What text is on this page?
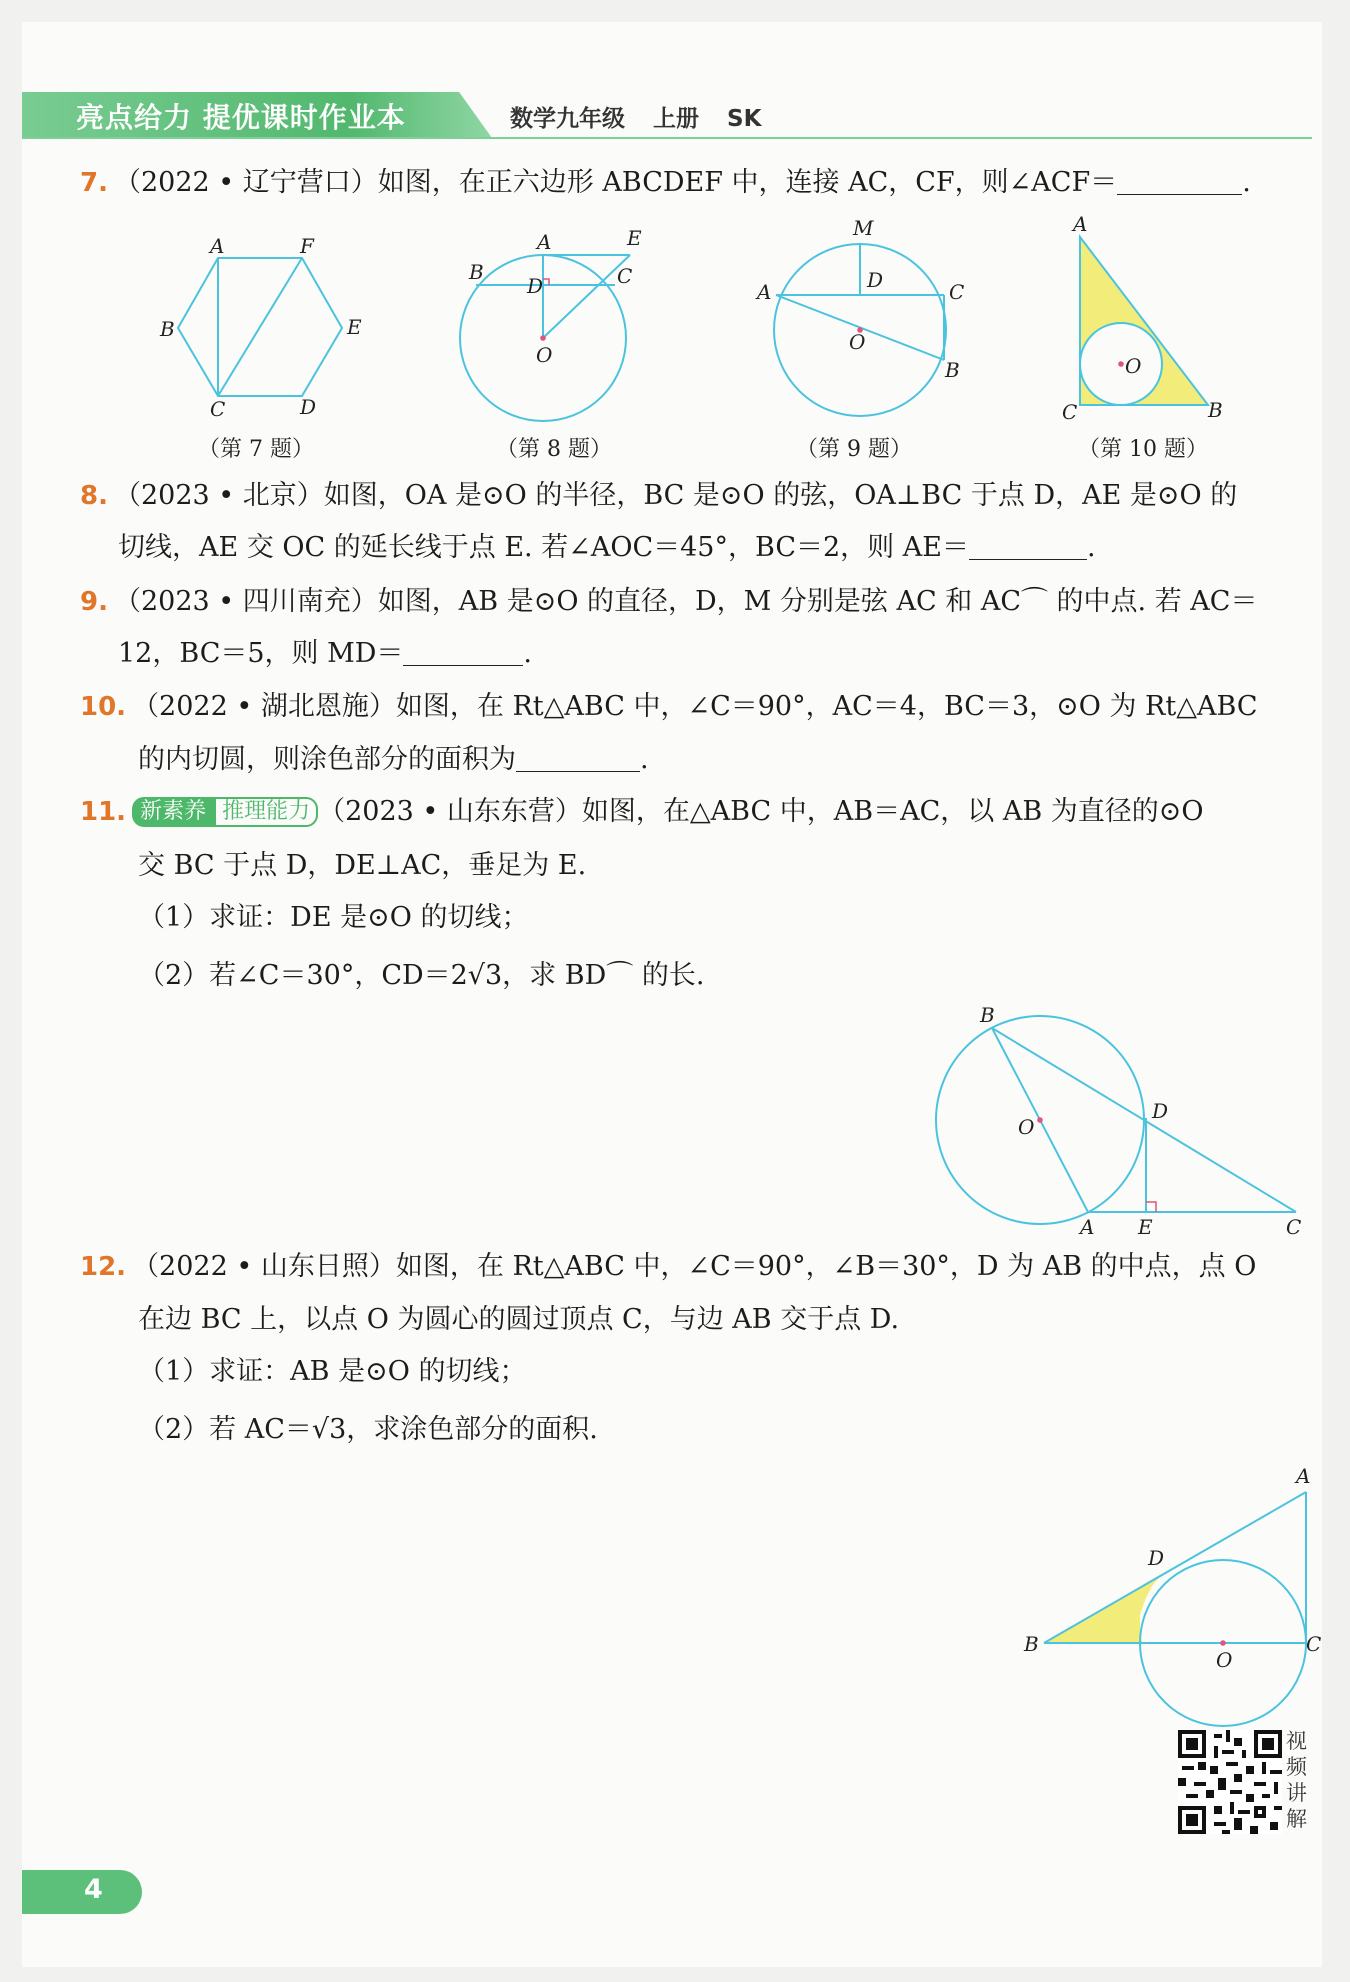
亮点给力 提优课时作业本	数学九年级 上册 SK
7. （2022 • 辽宁营口）如图，在正六边形 ABCDEF 中，连接 AC，CF，则∠ACF＝	.
A	F
B	E
C	D
（第 7 题）
A	E
B
D	C
O
（第 8 题）
M
A	D	C
O
B
（第 9 题）
A
O
C	B
（第 10 题）
8. （2023 • 北京）如图，OA 是⊙O 的半径，BC 是⊙O 的弦，OA⊥BC 于点 D，AE 是⊙O 的
切线，AE 交 OC 的延长线于点 E. 若∠AOC＝45°，BC＝2，则 AE＝	.
9. （2023 • 四川南充）如图，AB 是⊙O 的直径，D，M 分别是弦 AC 和 AC⌒ 的中点. 若 AC＝
12，BC＝5，则 MD＝	.
10. （2022 • 湖北恩施）如图，在 Rt△ABC 中，∠C＝90°，AC＝4，BC＝3，⊙O 为 Rt△ABC
的内切圆，则涂色部分的面积为	.
11. 新素养 推理能力 （2023 • 山东东营）如图，在△ABC 中，AB＝AC，以 AB 为直径的⊙O
交 BC 于点 D，DE⊥AC，垂足为 E.
（1）求证：DE 是⊙O 的切线；
（2）若∠C＝30°，CD＝2√3，求 BD⌒ 的长.
B
O
D
A E	C
12. （2022 • 山东日照）如图，在 Rt△ABC 中，∠C＝90°，∠B＝30°，D 为 AB 的中点，点 O
在边 BC 上，以点 O 为圆心的圆过顶点 C，与边 AB 交于点 D.
（1）求证：AB 是⊙O 的切线；
（2）若 AC＝√3，求涂色部分的面积.
A
D
B
O
C
视频讲解
4
